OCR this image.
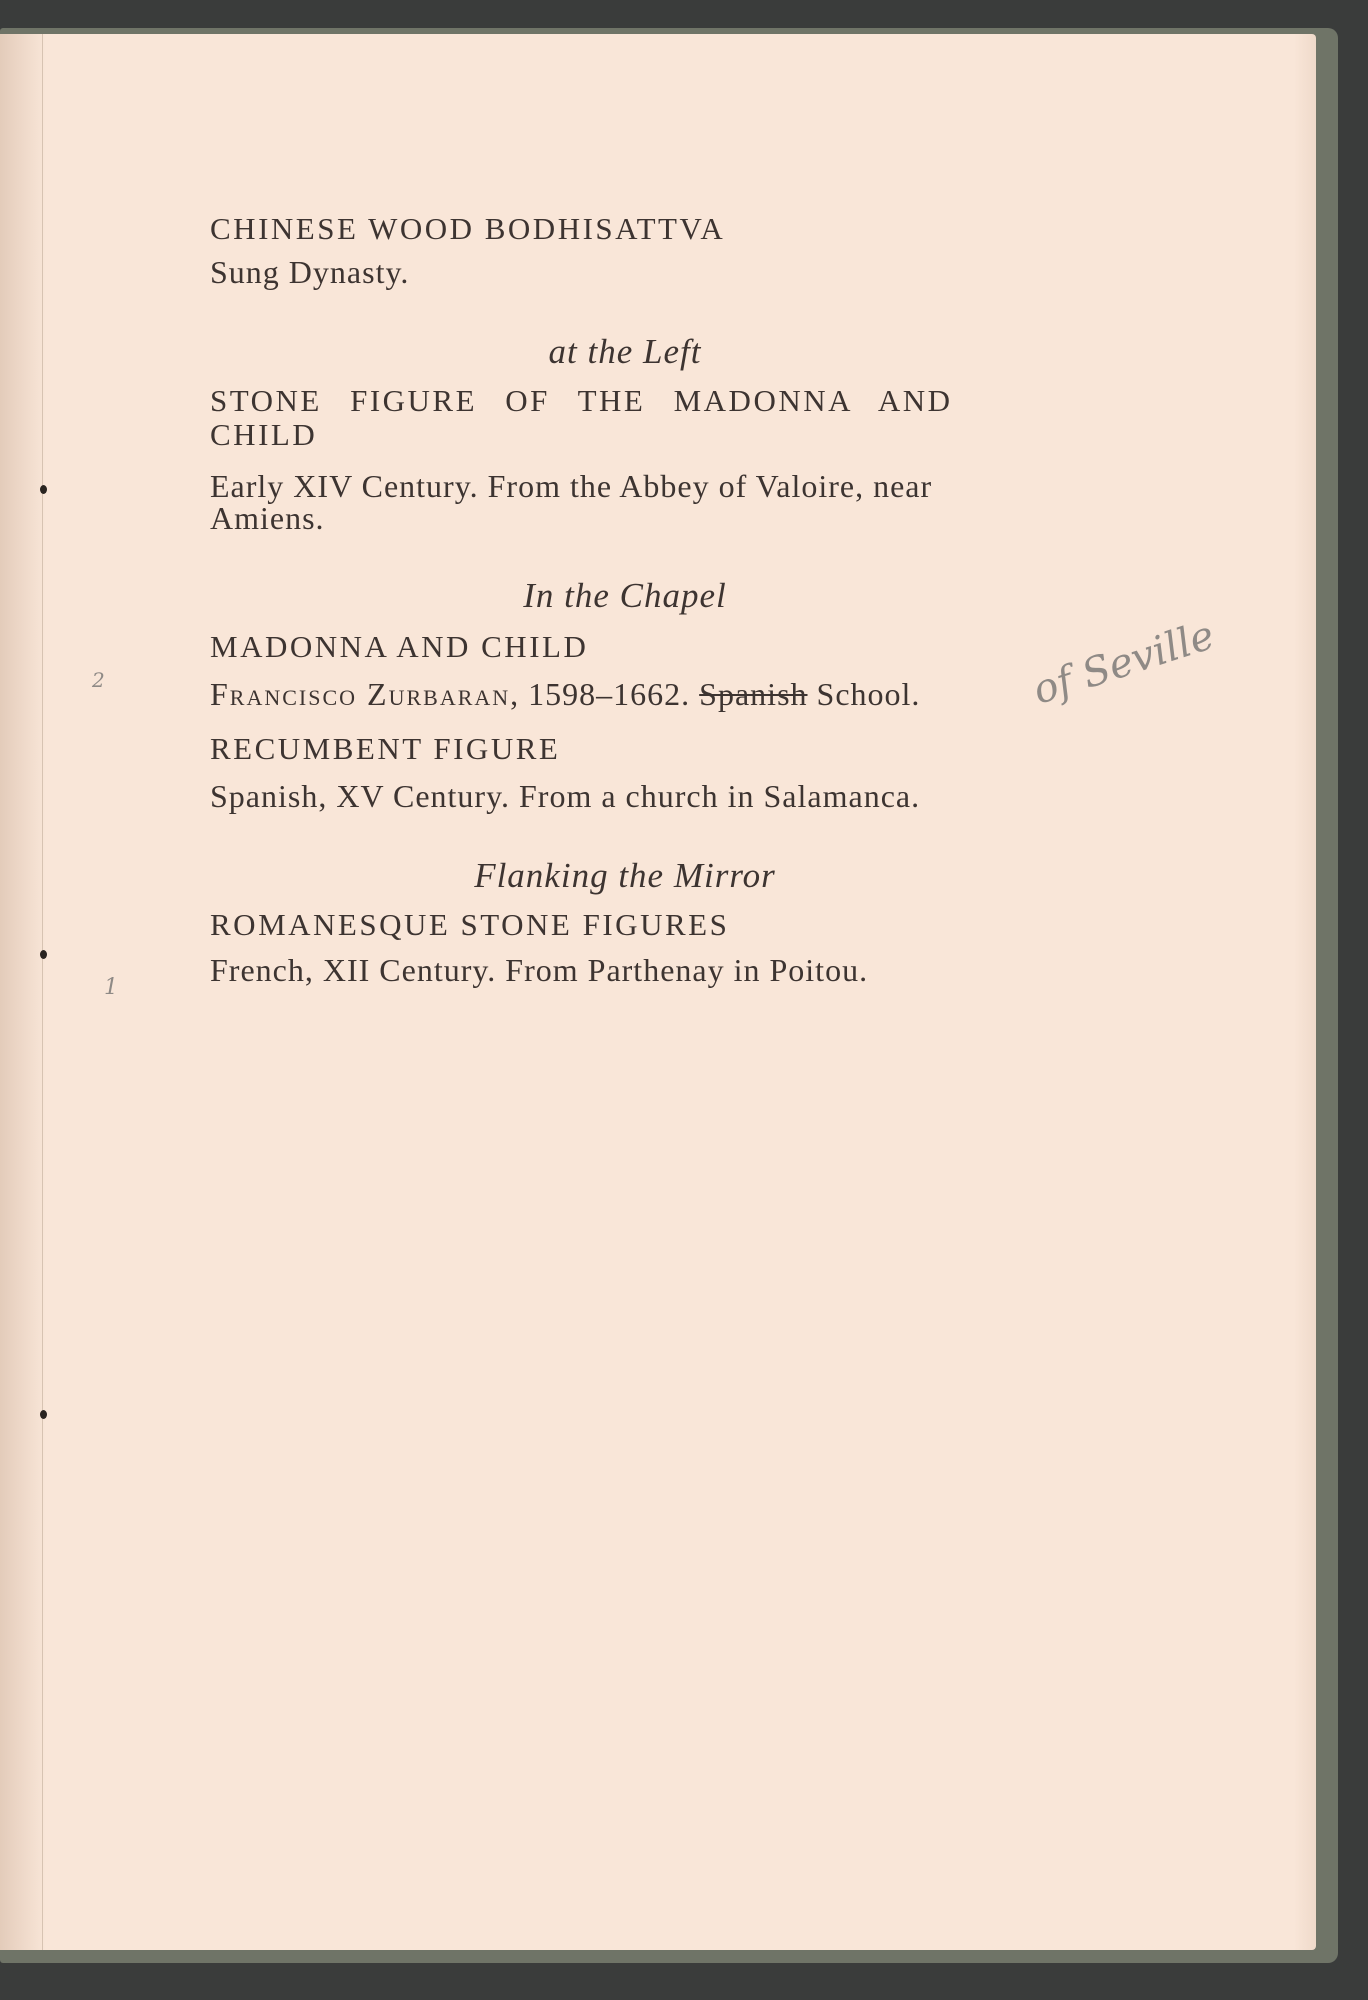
2
1

CHINESE WOOD BODHISATTVA

Sung Dynasty.

at the Left

STONE FIGURE OF THE MADONNA AND CHILD

Early XIV Century. From the Abbey of Valoire, near Amiens.

In the Chapel

MADONNA AND CHILD

Francisco Zurbaran, 1598–1662. Spanish School.

RECUMBENT FIGURE

Spanish, XV Century. From a church in Salamanca.

Flanking the Mirror

ROMANESQUE STONE FIGURES

French, XII Century. From Parthenay in Poitou.

of Seville
